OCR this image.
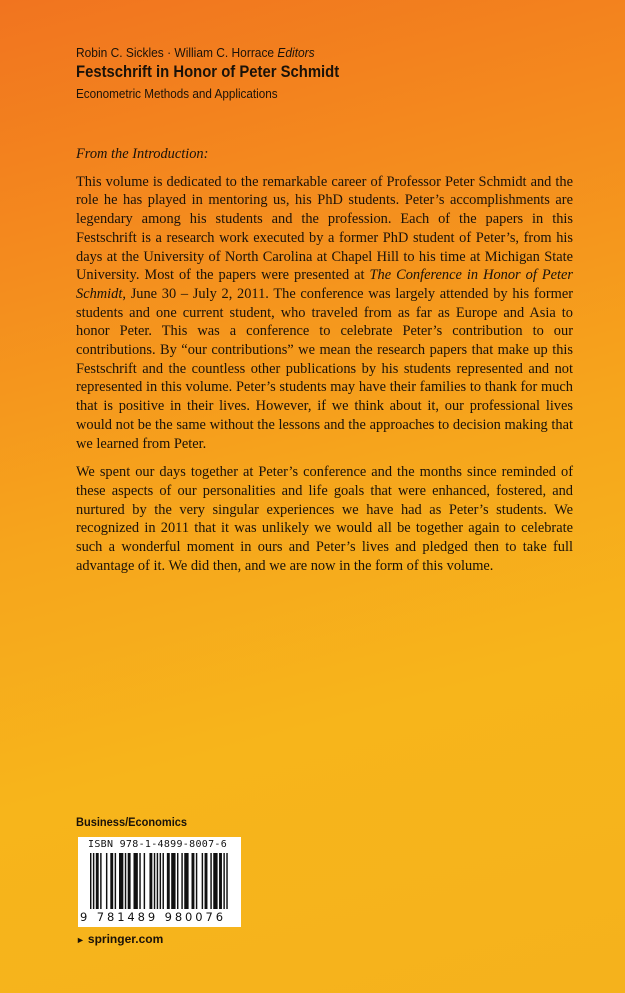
Robin C. Sickles · William C. Horrace Editors
Festschrift in Honor of Peter Schmidt
Econometric Methods and Applications

From the Introduction:

This volume is dedicated to the remarkable career of Professor Peter Schmidt and the role he has played in mentoring us, his PhD students. Peter’s accomplishments are legendary among his students and the profession. Each of the papers in this Festschrift is a research work executed by a former PhD student of Peter’s, from his days at the University of North Carolina at Chapel Hill to his time at Michigan State University. Most of the papers were presented at The Conference in Honor of Peter Schmidt, June 30 – July 2, 2011. The conference was largely attended by his former students and one current student, who traveled from as far as Europe and Asia to honor Peter. This was a conference to celebrate Peter’s contribution to our contributions. By “our contributions” we mean the research papers that make up this Festschrift and the countless other publications by his students represented and not represented in this volume. Peter’s students may have their families to thank for much that is positive in their lives. However, if we think about it, our professional lives would not be the same without the lessons and the approaches to decision making that we learned from Peter.

We spent our days together at Peter’s conference and the months since reminded of these aspects of our personalities and life goals that were enhanced, fostered, and nurtured by the very singular experiences we have had as Peter’s students. We recognized in 2011 that it was unlikely we would all be together again to celebrate such a wonderful moment in ours and Peter’s lives and pledged then to take full advantage of it. We did then, and we are now in the form of this volume.

Business/Economics
ISBN 978-1-4899-8007-6
9 781489 980076
► springer.com
